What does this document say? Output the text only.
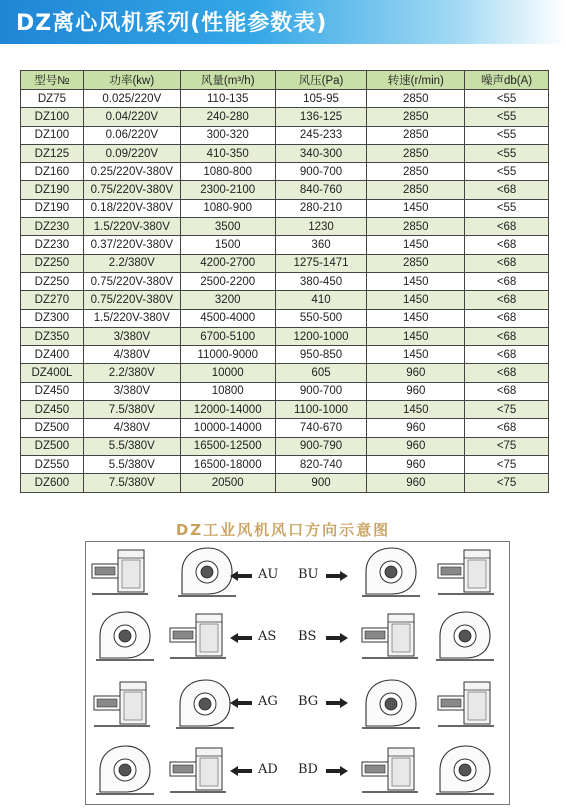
DZ离心风机系列(性能参数表)
型号№	功率(kw)	风量(m³/h)	风压(Pa)	转速(r/min)	噪声db(A)
DZ75	0.025/220V	110-135	105-95	2850	<55
DZ100	0.04/220V	240-280	136-125	2850	<55
DZ100	0.06/220V	300-320	245-233	2850	<55
DZ125	0.09/220V	410-350	340-300	2850	<55
DZ160	0.25/220V-380V	1080-800	900-700	2850	<55
DZ190	0.75/220V-380V	2300-2100	840-760	2850	<68
DZ190	0.18/220V-380V	1080-900	280-210	1450	<55
DZ230	1.5/220V-380V	3500	1230	2850	<68
DZ230	0.37/220V-380V	1500	360	1450	<68
DZ250	2.2/380V	4200-2700	1275-1471	2850	<68
DZ250	0.75/220V-380V	2500-2200	380-450	1450	<68
DZ270	0.75/220V-380V	3200	410	1450	<68
DZ300	1.5/220V-380V	4500-4000	550-500	1450	<68
DZ350	3/380V	6700-5100	1200-1000	1450	<68
DZ400	4/380V	11000-9000	950-850	1450	<68
DZ400L	2.2/380V	10000	605	960	<68
DZ450	3/380V	10800	900-700	960	<68
DZ450	7.5/380V	12000-14000	1100-1000	1450	<75
DZ500	4/380V	10000-14000	740-670	960	<68
DZ500	5.5/380V	16500-12500	900-790	960	<75
DZ550	5.5/380V	16500-18000	820-740	960	<75
DZ600	7.5/380V	20500	900	960	<75
DZ工业风机风口方向示意图
AU BU
AS BS
AG BG
AD BD
